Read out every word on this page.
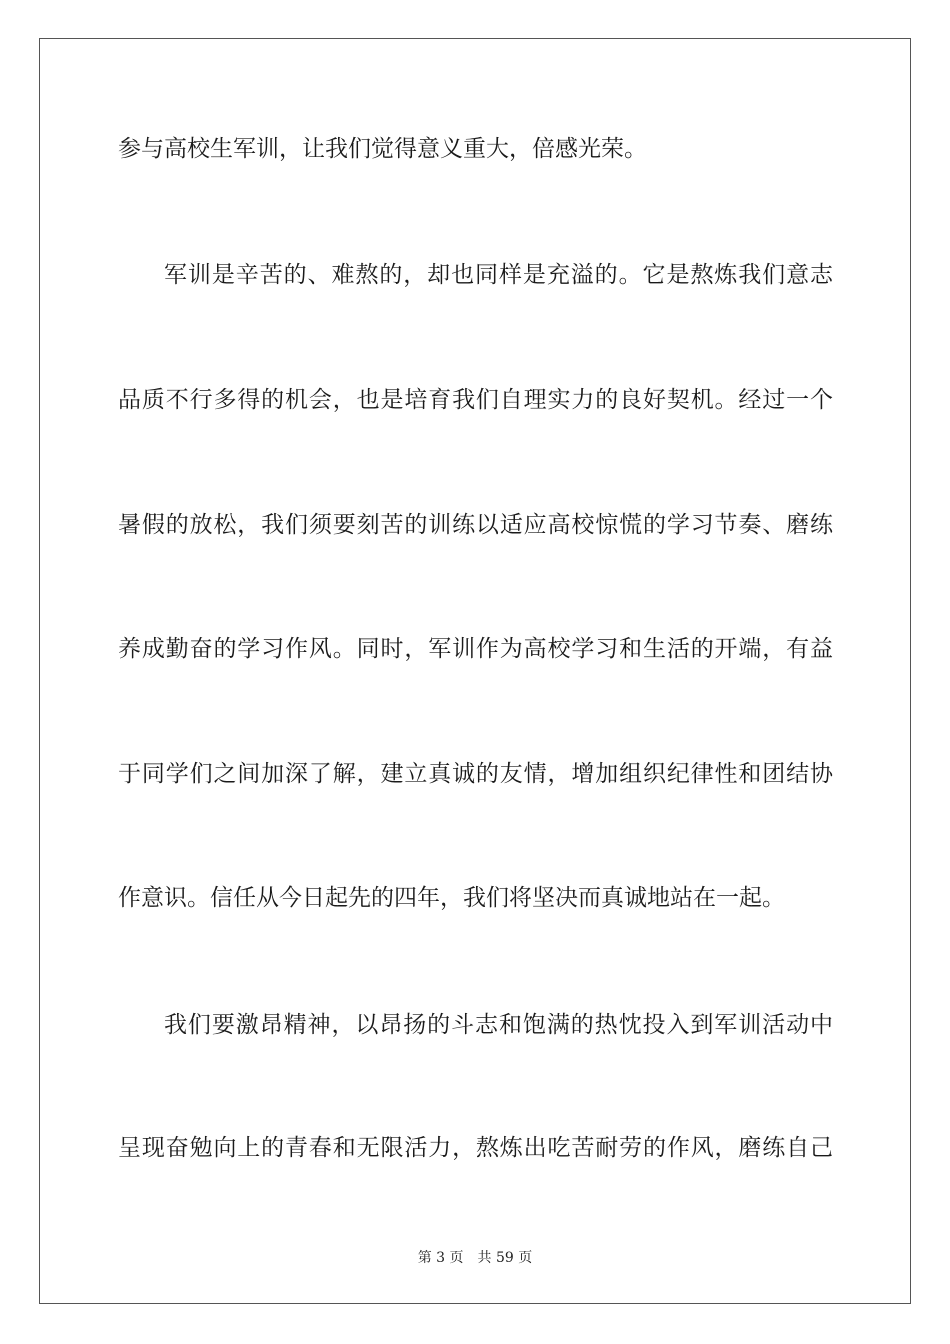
参与高校生军训，让我们觉得意义重大，倍感光荣。
军训是辛苦的、难熬的，却也同样是充溢的。它是熬炼我们意志
品质不行多得的机会，也是培育我们自理实力的良好契机。经过一个
暑假的放松，我们须要刻苦的训练以适应高校惊慌的学习节奏、磨练
养成勤奋的学习作风。同时，军训作为高校学习和生活的开端，有益
于同学们之间加深了解，建立真诚的友情，增加组织纪律性和团结协
作意识。信任从今日起先的四年，我们将坚决而真诚地站在一起。
我们要激昂精神，以昂扬的斗志和饱满的热忱投入到军训活动中
呈现奋勉向上的青春和无限活力，熬炼出吃苦耐劳的作风，磨练自己
第 3 页 共 59 页
